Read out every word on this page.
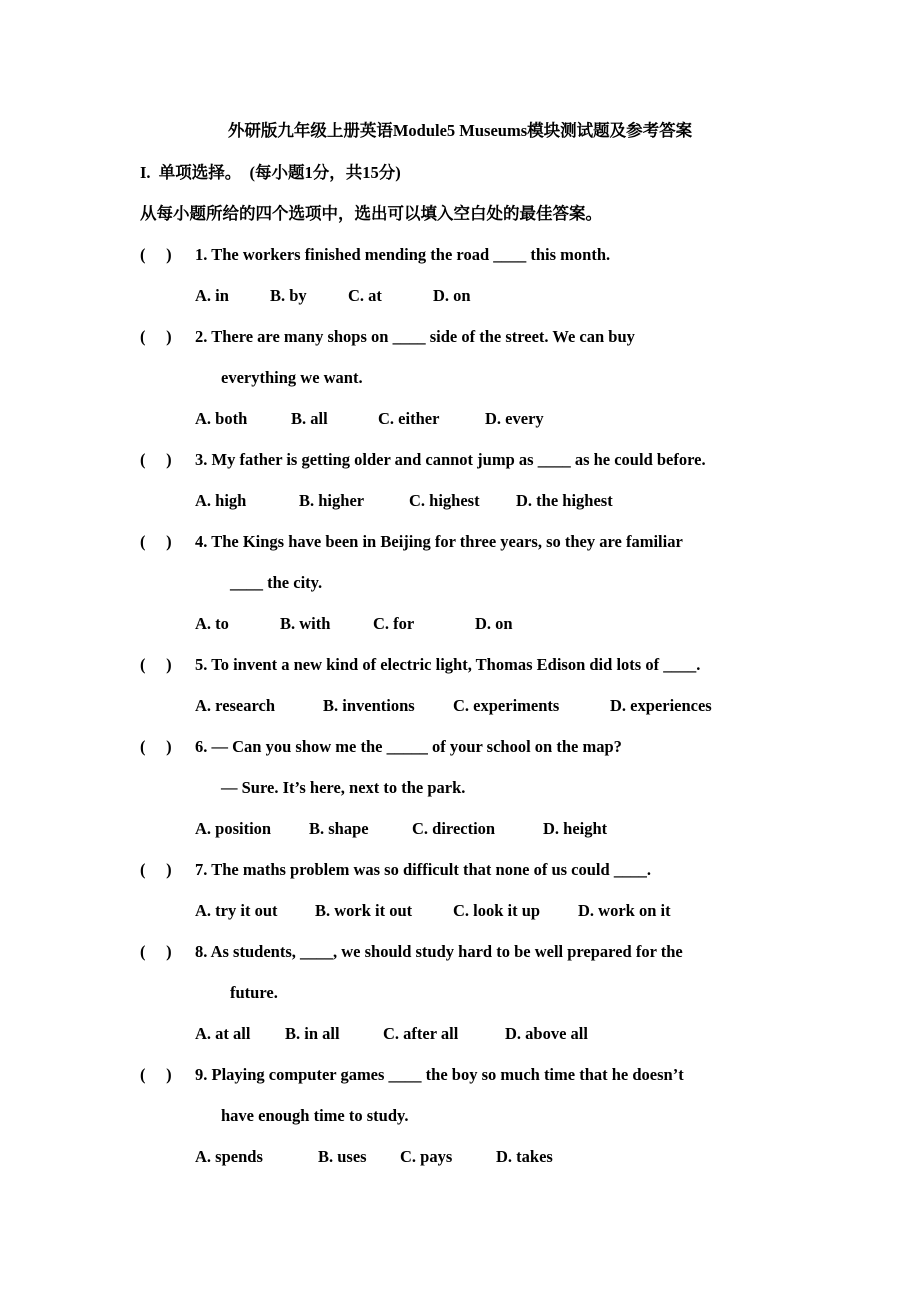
外研版九年级上册英语Module5 Museums模块测试题及参考答案
I.  单项选择。  (每小题1分，共15分)
从每小题所给的四个选项中，选出可以填入空白处的最佳答案。
(     ) 1. The workers finished mending the road ____ this month.
A. in B. by	C. at	D. on
(     ) 2. There are many shops on ____ side of the street. We can buy
everything we want.
A. both	B. all	C. either	D. every
(     ) 3. My father is getting older and cannot jump as ____ as he could before.
A. high	B. higher	C. highest D. the highest
(     ) 4. The Kings have been in Beijing for three years, so they are familiar
____ the city.
A. to	B. with	C. for	D. on
(     ) 5. To invent a new kind of electric light, Thomas Edison did lots of ____.
A. research	B. inventions C. experiments	D. experiences
(     ) 6. — Can you show me the _____ of your school on the map?
— Sure. It’s here, next to the park.
A. position B. shape	C. direction	D. height
(     ) 7. The maths problem was so difficult that none of us could ____.
A. try it out B. work it out C. look it up D. work on it
(     ) 8. As students, ____, we should study hard to be well prepared for the
future.
A. at all B. in all	C. after all	D. above all
(     ) 9. Playing computer games ____ the boy so much time that he doesn’t
have enough time to study.
A. spends	B. uses C. pays	D. takes
